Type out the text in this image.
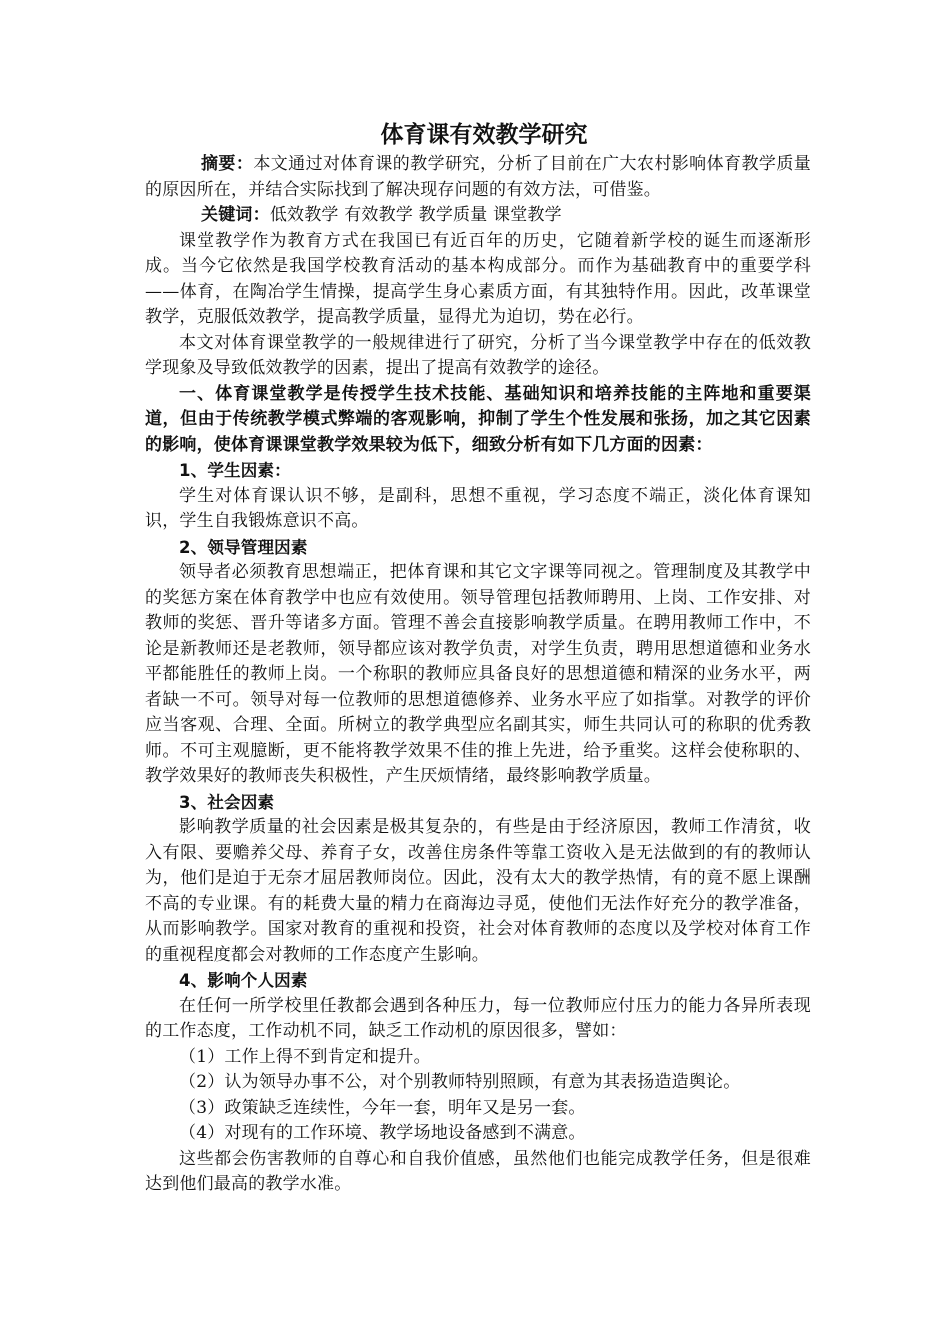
体育课有效教学研究

摘要：本文通过对体育课的教学研究，分析了目前在广大农村影响体育教学质量的原因所在，并结合实际找到了解决现存问题的有效方法，可借鉴。

关键词：低效教学 有效教学 教学质量 课堂教学

课堂教学作为教育方式在我国已有近百年的历史，它随着新学校的诞生而逐渐形成。当今它依然是我国学校教育活动的基本构成部分。而作为基础教育中的重要学科——体育，在陶冶学生情操，提高学生身心素质方面，有其独特作用。因此，改革课堂教学，克服低效教学，提高教学质量，显得尤为迫切，势在必行。

本文对体育课堂教学的一般规律进行了研究，分析了当今课堂教学中存在的低效教学现象及导致低效教学的因素，提出了提高有效教学的途径。

一、体育课堂教学是传授学生技术技能、基础知识和培养技能的主阵地和重要渠道，但由于传统教学模式弊端的客观影响，抑制了学生个性发展和张扬，加之其它因素的影响，使体育课课堂教学效果较为低下，细致分析有如下几方面的因素：

1、学生因素：

学生对体育课认识不够，是副科，思想不重视，学习态度不端正，淡化体育课知识，学生自我锻炼意识不高。

2、领导管理因素

领导者必须教育思想端正，把体育课和其它文字课等同视之。管理制度及其教学中的奖惩方案在体育教学中也应有效使用。领导管理包括教师聘用、上岗、工作安排、对教师的奖惩、晋升等诸多方面。管理不善会直接影响教学质量。在聘用教师工作中，不论是新教师还是老教师，领导都应该对教学负责，对学生负责，聘用思想道德和业务水平都能胜任的教师上岗。一个称职的教师应具备良好的思想道德和精深的业务水平，两者缺一不可。领导对每一位教师的思想道德修养、业务水平应了如指掌。对教学的评价应当客观、合理、全面。所树立的教学典型应名副其实，师生共同认可的称职的优秀教师。不可主观臆断，更不能将教学效果不佳的推上先进，给予重奖。这样会使称职的、教学效果好的教师丧失积极性，产生厌烦情绪，最终影响教学质量。

3、社会因素

影响教学质量的社会因素是极其复杂的，有些是由于经济原因，教师工作清贫，收入有限、要赡养父母、养育子女，改善住房条件等靠工资收入是无法做到的有的教师认为，他们是迫于无奈才屈居教师岗位。因此，没有太大的教学热情，有的竟不愿上课酬不高的专业课。有的耗费大量的精力在商海边寻觅，使他们无法作好充分的教学准备，从而影响教学。国家对教育的重视和投资，社会对体育教师的态度以及学校对体育工作的重视程度都会对教师的工作态度产生影响。

4、影响个人因素

在任何一所学校里任教都会遇到各种压力，每一位教师应付压力的能力各异所表现的工作态度，工作动机不同，缺乏工作动机的原因很多，譬如：

（1）工作上得不到肯定和提升。

（2）认为领导办事不公，对个别教师特别照顾，有意为其表扬造造舆论。

（3）政策缺乏连续性，今年一套，明年又是另一套。

（4）对现有的工作环境、教学场地设备感到不满意。

这些都会伤害教师的自尊心和自我价值感，虽然他们也能完成教学任务，但是很难达到他们最高的教学水准。
